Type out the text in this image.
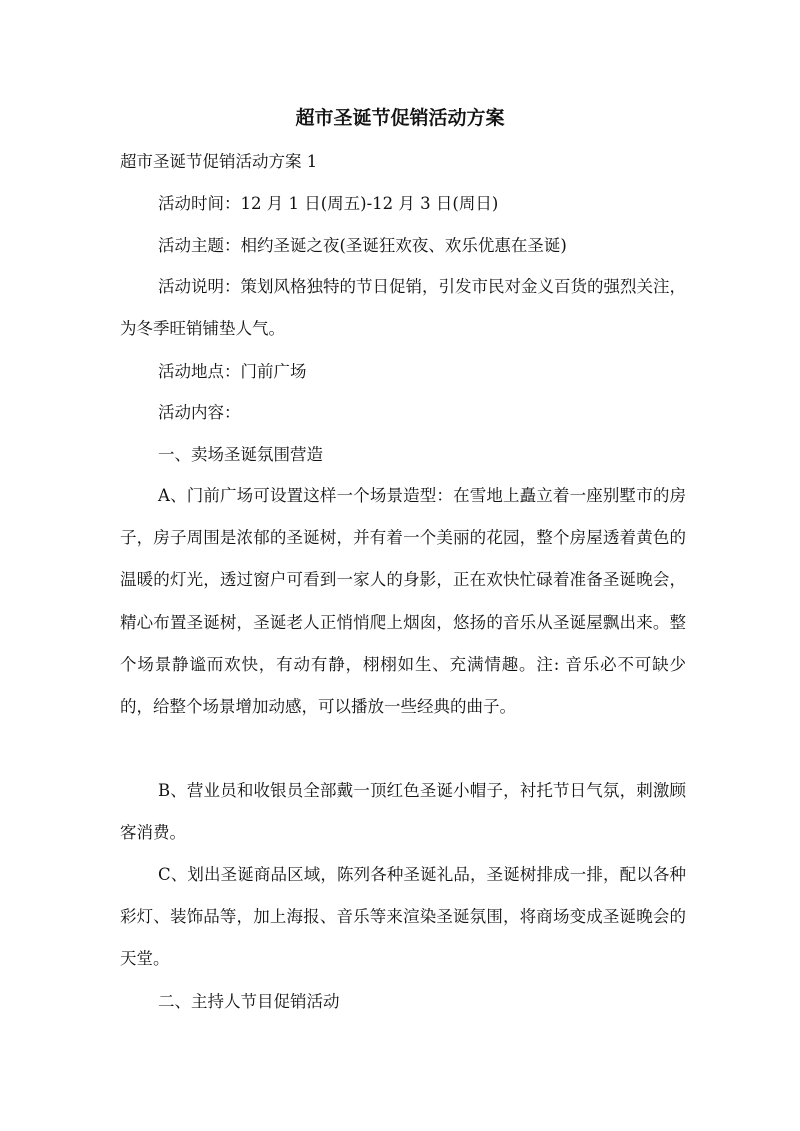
超市圣诞节促销活动方案

超市圣诞节促销活动方案 1

活动时间：12 月 1 日(周五)-12 月 3 日(周日)

活动主题：相约圣诞之夜(圣诞狂欢夜、欢乐优惠在圣诞)

活动说明：策划风格独特的节日促销，引发市民对金义百货的强烈关注，为冬季旺销铺垫人气。

活动地点：门前广场

活动内容：

一、卖场圣诞氛围营造

A、门前广场可设置这样一个场景造型：在雪地上矗立着一座别墅市的房子，房子周围是浓郁的圣诞树，并有着一个美丽的花园，整个房屋透着黄色的温暖的灯光，透过窗户可看到一家人的身影，正在欢快忙碌着准备圣诞晚会，精心布置圣诞树，圣诞老人正悄悄爬上烟囱，悠扬的音乐从圣诞屋飘出来。整个场景静谧而欢快，有动有静，栩栩如生、充满情趣。注: 音乐必不可缺少的，给整个场景增加动感，可以播放一些经典的曲子。

B、营业员和收银员全部戴一顶红色圣诞小帽子，衬托节日气氛，刺激顾客消费。

C、划出圣诞商品区域，陈列各种圣诞礼品，圣诞树排成一排，配以各种彩灯、装饰品等，加上海报、音乐等来渲染圣诞氛围，将商场变成圣诞晚会的天堂。

二、主持人节目促销活动
